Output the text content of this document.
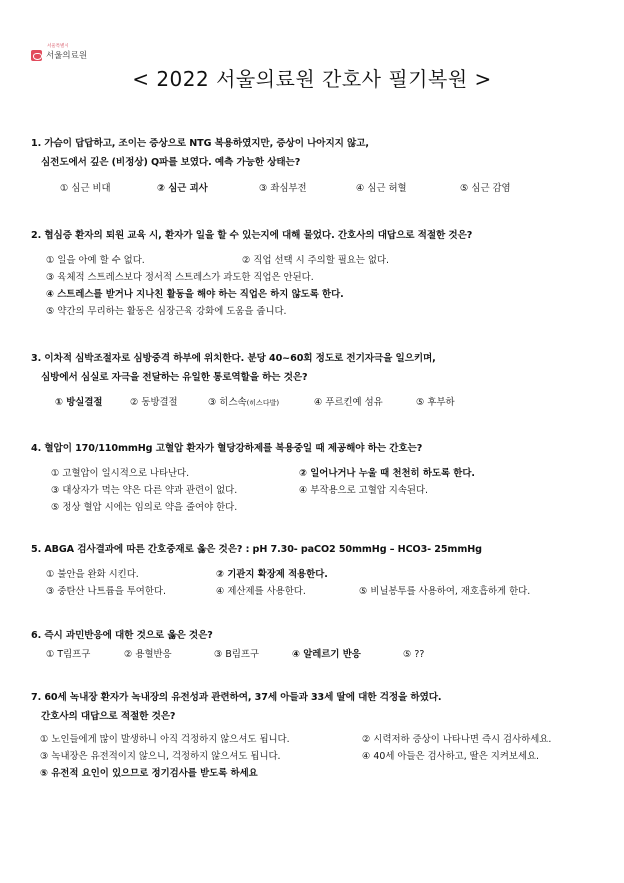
서울특별시
서울의료원
< 2022 서울의료원 간호사 필기복원 >
1. 가슴이 답답하고, 조이는 증상으로 NTG 복용하였지만, 증상이 나아지지 않고,
심전도에서 깊은 (비정상) Q파를 보였다. 예측 가능한 상태는?
① 심근 비대	② 심근 괴사	③ 좌심부전	④ 심근 허혈	⑤ 심근 감염
2. 협심증 환자의 퇴원 교육 시, 환자가 일을 할 수 있는지에 대해 물었다. 간호사의 대답으로 적절한 것은?
① 일을 아예 할 수 없다.	② 직업 선택 시 주의할 필요는 없다.
③ 육체적 스트레스보다 정서적 스트레스가 과도한 직업은 안된다.
④ 스트레스를 받거나 지나친 활동을 해야 하는 직업은 하지 않도록 한다.
⑤ 약간의 무리하는 활동은 심장근육 강화에 도움을 줍니다.
3. 이차적 심박조절자로 심방중격 하부에 위치한다. 분당 40~60회 정도로 전기자극을 일으키며,
심방에서 심실로 자극을 전달하는 유일한 통로역할을 하는 것은?
① 방실결절	② 동방결절	③ 히스속(히스다발)	④ 푸르킨예 섬유	⑤ 후부하
4. 혈압이 170/110mmHg 고혈압 환자가 혈당강하제를 복용중일 때 제공해야 하는 간호는?
① 고혈압이 일시적으로 나타난다.	② 일어나거나 누울 때 천천히 하도록 한다.
③ 대상자가 먹는 약은 다른 약과 관련이 없다.	④ 부작용으로 고혈압 지속된다.
⑤ 정상 혈압 시에는 임의로 약을 줄여야 한다.
5. ABGA 검사결과에 따른 간호중재로 옳은 것은? : pH 7.30- paCO2 50mmHg – HCO3- 25mmHg
① 불안을 완화 시킨다.	② 기관지 확장제 적용한다.
③ 중탄산 나트륨을 투여한다.	④ 제산제를 사용한다.	⑤ 비닐봉투를 사용하여, 재호흡하게 한다.
6. 즉시 과민반응에 대한 것으로 옳은 것은?
① T림프구	② 용혈반응	③ B림프구	④ 알레르기 반응	⑤ ??
7. 60세 녹내장 환자가 녹내장의 유전성과 관련하여, 37세 아들과 33세 딸에 대한 걱정을 하였다.
간호사의 대답으로 적절한 것은?
① 노인들에게 많이 발생하니 아직 걱정하지 않으셔도 됩니다.	② 시력저하 증상이 나타나면 즉시 검사하세요.
③ 녹내장은 유전적이지 않으니, 걱정하지 않으셔도 됩니다.	④ 40세 아들은 검사하고, 딸은 지켜보세요.
⑤ 유전적 요인이 있으므로 정기검사를 받도록 하세요
